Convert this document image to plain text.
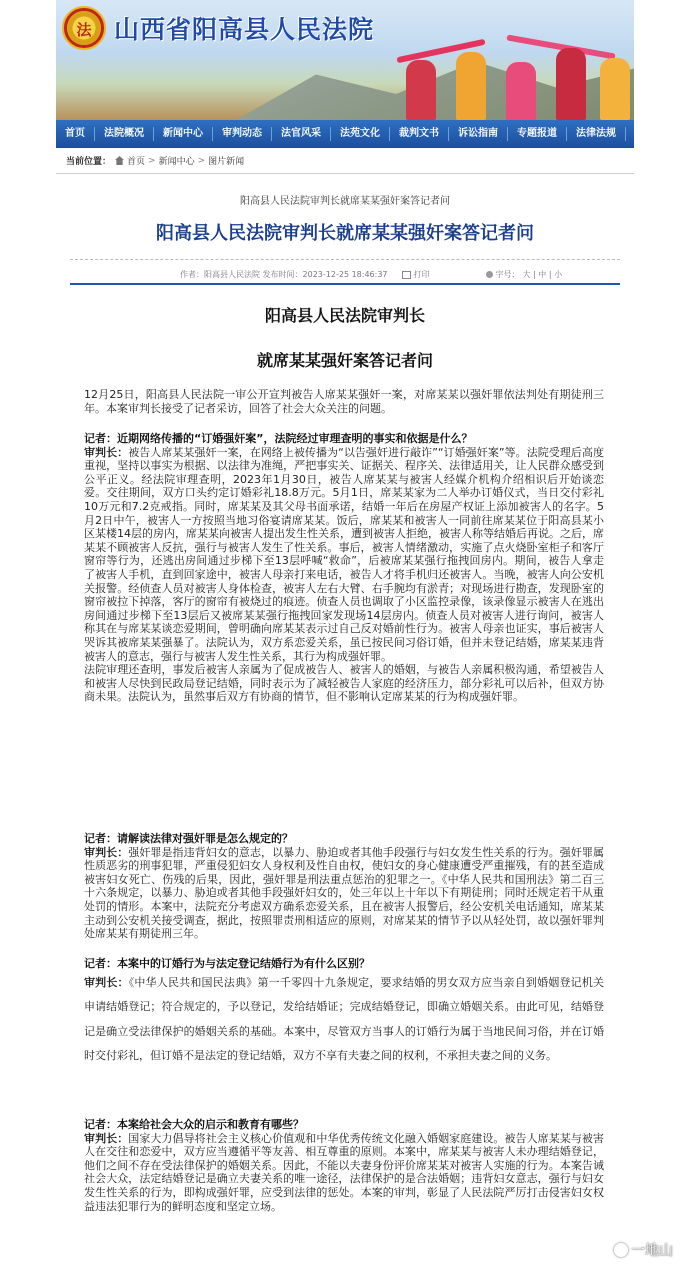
法 山西省阳高县人民法院
首页	法院概况	新闻中心	审判动态	法官风采	法苑文化	裁判文书	诉讼指南	专题报道	法律法规	公告
当前位置： 首页 > 新闻中心 > 图片新闻
阳高县人民法院审判长就席某某强奸案答记者问
阳高县人民法院审判长就席某某强奸案答记者问
作者：阳高县人民法院 发布时间：2023-12-25 18:46:37	打印	字号： 大 | 中 | 小
阳高县人民法院审判长
就席某某强奸案答记者问

12月25日，阳高县人民法院一审公开宣判被告人席某某强奸一案，对席某某以强奸罪依法判处有期徒刑三年。本案审判长接受了记者采访，回答了社会大众关注的问题。

记者：近期网络传播的“订婚强奸案”，法院经过审理查明的事实和依据是什么？

审判长：被告人席某某强奸一案，在网络上被传播为“以告强奸进行敲诈”“订婚强奸案”等。法院受理后高度重视，坚持以事实为根据、以法律为准绳，严把事实关、证据关、程序关、法律适用关，让人民群众感受到公平正义。经法院审理查明，2023年1月30日，被告人席某某与被害人经媒介机构介绍相识后开始谈恋爱。交往期间，双方口头约定订婚彩礼18.8万元。5月1日，席某某家为二人举办订婚仪式，当日交付彩礼10万元和7.2克戒指。同时，席某某及其父母书面承诺，结婚一年后在房屋产权证上添加被害人的名字。5月2日中午，被害人一方按照当地习俗宴请席某某。饭后，席某某和被害人一同前往席某某位于阳高县某小区某楼14层的房内，席某某向被害人提出发生性关系，遭到被害人拒绝，被害人称等结婚后再说。之后，席某某不顾被害人反抗，强行与被害人发生了性关系。事后，被害人情绪激动，实施了点火烧卧室柜子和客厅窗帘等行为，还逃出房间通过步梯下至13层呼喊“救命”，后被席某某强行拖拽回房内。期间，被告人拿走了被害人手机，直到回家途中，被害人母亲打来电话，被告人才将手机归还被害人。当晚，被害人向公安机关报警。经侦查人员对被害人身体检查，被害人左右大臂、右手腕均有淤青；对现场进行勘查，发现卧室的窗帘被拉下掉落，客厅的窗帘有被烧过的痕迹。侦查人员也调取了小区监控录像，该录像显示被害人在逃出房间通过步梯下至13层后又被席某某强行拖拽回家发现场14层房内。侦查人员对被害人进行询问，被害人称其在与席某某谈恋爱期间，曾明确向席某某表示过自己反对婚前性行为。被害人母亲也证实，事后被害人哭诉其被席某某强暴了。法院认为，双方系恋爱关系，虽已按民间习俗订婚，但并未登记结婚，席某某违背被害人的意志，强行与被害人发生性关系，其行为构成强奸罪。

法院审理还查明，事发后被害人亲属为了促成被告人、被害人的婚姻，与被告人亲属积极沟通，希望被告人和被害人尽快到民政局登记结婚，同时表示为了减轻被告人家庭的经济压力，部分彩礼可以后补，但双方协商未果。法院认为，虽然事后双方有协商的情节，但不影响认定席某某的行为构成强奸罪。

记者：请解读法律对强奸罪是怎么规定的？

审判长：强奸罪是指违背妇女的意志，以暴力、胁迫或者其他手段强行与妇女发生性关系的行为。强奸罪属性质恶劣的刑事犯罪，严重侵犯妇女人身权利及性自由权，使妇女的身心健康遭受严重摧残，有的甚至造成被害妇女死亡、伤残的后果，因此，强奸罪是刑法重点惩治的犯罪之一。《中华人民共和国刑法》第二百三十六条规定，以暴力、胁迫或者其他手段强奸妇女的，处三年以上十年以下有期徒刑；同时还规定若干从重处罚的情形。本案中，法院充分考虑双方确系恋爱关系，且在被害人报警后，经公安机关电话通知，席某某主动到公安机关接受调查，据此，按照罪责刑相适应的原则，对席某某的情节予以从轻处罚，故以强奸罪判处席某某有期徒刑三年。

记者：本案中的订婚行为与法定登记结婚行为有什么区别？

审判长：《中华人民共和国民法典》第一千零四十九条规定，要求结婚的男女双方应当亲自到婚姻登记机关申请结婚登记；符合规定的，予以登记，发给结婚证；完成结婚登记，即确立婚姻关系。由此可见，结婚登记是确立受法律保护的婚姻关系的基础。本案中，尽管双方当事人的订婚行为属于当地民间习俗，并在订婚时交付彩礼，但订婚不是法定的登记结婚，双方不享有夫妻之间的权利，不承担夫妻之间的义务。

记者：本案给社会大众的启示和教育有哪些？

审判长：国家大力倡导将社会主义核心价值观和中华优秀传统文化融入婚姻家庭建设。被告人席某某与被害人在交往和恋爱中，双方应当遵循平等友善、相互尊重的原则。本案中，席某某与被害人未办理结婚登记，他们之间不存在受法律保护的婚姻关系。因此，不能以夫妻身份评价席某某对被害人实施的行为。本案告诫社会大众，法定结婚登记是确立夫妻关系的唯一途径，法律保护的是合法婚姻；违背妇女意志，强行与妇女发生性关系的行为，即构成强奸罪，应受到法律的惩处。本案的审判，彰显了人民法院严厉打击侵害妇女权益违法犯罪行为的鲜明态度和坚定立场。

一地山
